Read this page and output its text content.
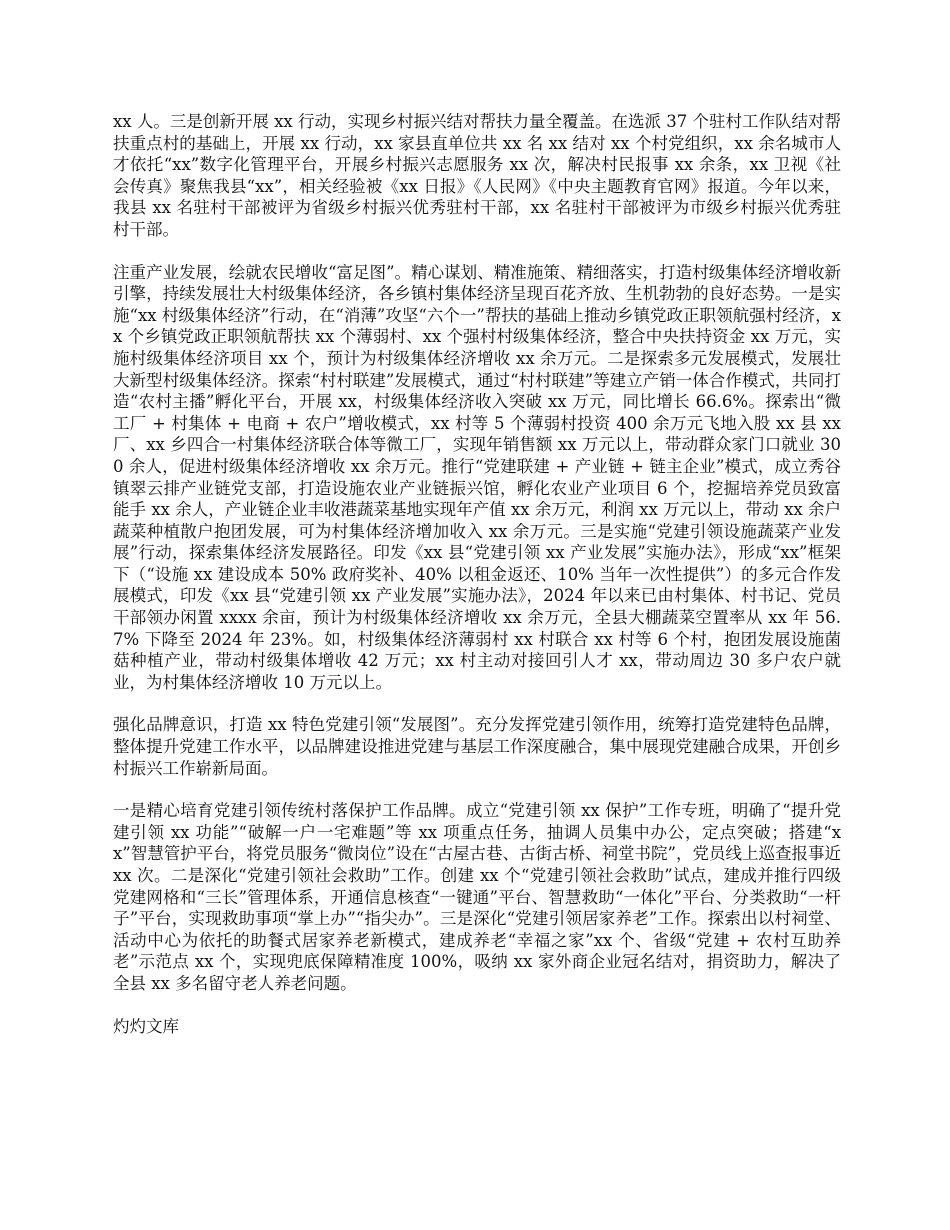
xx 人。三是创新开展 xx 行动，实现乡村振兴结对帮扶力量全覆盖。在选派 37 个驻村工作队结对帮扶重点村的基础上，开展 xx 行动，xx 家县直单位共 xx 名 xx 结对 xx 个村党组织，xx 余名城市人才依托“xx”数字化管理平台，开展乡村振兴志愿服务 xx 次，解决村民报事 xx 余条，xx 卫视《社会传真》聚焦我县“xx”，相关经验被《xx 日报》《人民网》《中央主题教育官网》报道。今年以来，我县 xx 名驻村干部被评为省级乡村振兴优秀驻村干部，xx 名驻村干部被评为市级乡村振兴优秀驻村干部。

注重产业发展，绘就农民增收“富足图”。精心谋划、精准施策、精细落实，打造村级集体经济增收新引擎，持续发展壮大村级集体经济，各乡镇村集体经济呈现百花齐放、生机勃勃的良好态势。一是实施“xx 村级集体经济”行动，在“消薄”攻坚“六个一”帮扶的基础上推动乡镇党政正职领航强村经济，xx 个乡镇党政正职领航帮扶 xx 个薄弱村、xx 个强村村级集体经济，整合中央扶持资金 xx 万元，实施村级集体经济项目 xx 个，预计为村级集体经济增收 xx 余万元。二是探索多元发展模式，发展壮大新型村级集体经济。探索“村村联建”发展模式，通过“村村联建”等建立产销一体合作模式，共同打造“农村主播”孵化平台，开展 xx，村级集体经济收入突破 xx 万元，同比增长 66.6%。探索出“微工厂 + 村集体 + 电商 + 农户”增收模式，xx 村等 5 个薄弱村投资 400 余万元飞地入股 xx 县 xx 厂、xx 乡四合一村集体经济联合体等微工厂，实现年销售额 xx 万元以上，带动群众家门口就业 300 余人，促进村级集体经济增收 xx 余万元。推行“党建联建 + 产业链 + 链主企业”模式，成立秀谷镇翠云排产业链党支部，打造设施农业产业链振兴馆，孵化农业产业项目 6 个，挖掘培养党员致富能手 xx 余人，产业链企业丰收港蔬菜基地实现年产值 xx 余万元，利润 xx 万元以上，带动 xx 余户蔬菜种植散户抱团发展，可为村集体经济增加收入 xx 余万元。三是实施“党建引领设施蔬菜产业发展”行动，探索集体经济发展路径。印发《xx 县“党建引领 xx 产业发展”实施办法》，形成“xx”框架下（“设施 xx 建设成本 50% 政府奖补、40% 以租金返还、10% 当年一次性提供”）的多元合作发展模式，印发《xx 县“党建引领 xx 产业发展”实施办法》，2024 年以来已由村集体、村书记、党员干部领办闲置 xxxx 余亩，预计为村级集体经济增收 xx 余万元，全县大棚蔬菜空置率从 xx 年 56.7% 下降至 2024 年 23%。如，村级集体经济薄弱村 xx 村联合 xx 村等 6 个村，抱团发展设施菌菇种植产业，带动村级集体增收 42 万元；xx 村主动对接回引人才 xx，带动周边 30 多户农户就业，为村集体经济增收 10 万元以上。

强化品牌意识，打造 xx 特色党建引领“发展图”。充分发挥党建引领作用，统筹打造党建特色品牌，整体提升党建工作水平，以品牌建设推进党建与基层工作深度融合，集中展现党建融合成果，开创乡村振兴工作崭新局面。

一是精心培育党建引领传统村落保护工作品牌。成立“党建引领 xx 保护”工作专班，明确了“提升党建引领 xx 功能”“破解一户一宅难题”等 xx 项重点任务，抽调人员集中办公，定点突破；搭建“xx”智慧管护平台，将党员服务“微岗位”设在“古屋古巷、古街古桥、祠堂书院”，党员线上巡查报事近 xx 次。二是深化“党建引领社会救助”工作。创建 xx 个“党建引领社会救助”试点，建成并推行四级党建网格和“三长”管理体系，开通信息核查“一键通”平台、智慧救助“一体化”平台、分类救助“一杆子”平台，实现救助事项“掌上办”“指尖办”。三是深化“党建引领居家养老”工作。探索出以村祠堂、活动中心为依托的助餐式居家养老新模式，建成养老“幸福之家”xx 个、省级“党建 + 农村互助养老”示范点 xx 个，实现兜底保障精准度 100%，吸纳 xx 家外商企业冠名结对，捐资助力，解决了全县 xx 多名留守老人养老问题。

灼灼文库
